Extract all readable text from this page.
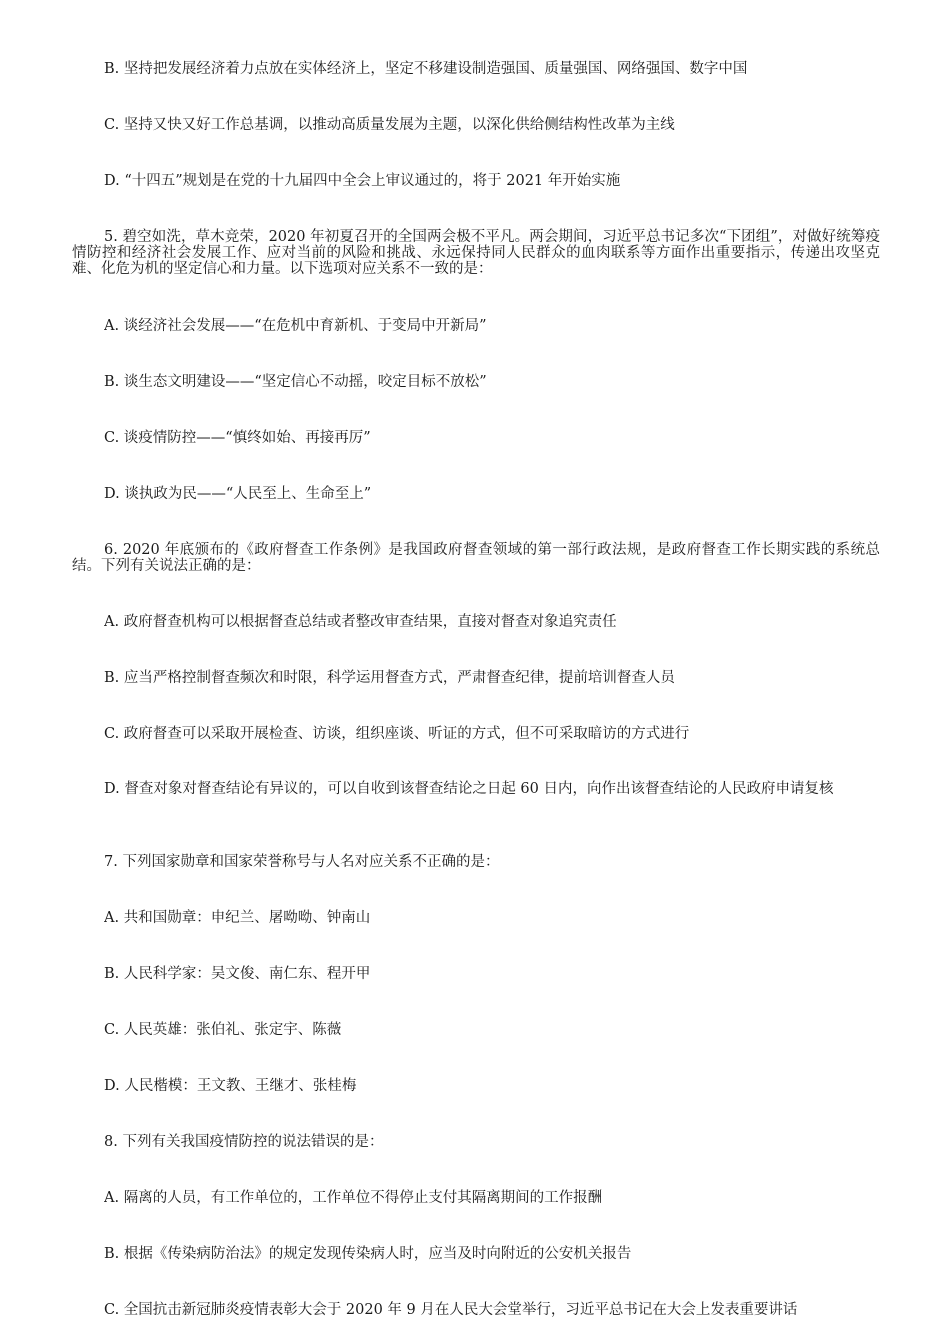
B. 坚持把发展经济着力点放在实体经济上，坚定不移建设制造强国、质量强国、网络强国、数字中国
C. 坚持又快又好工作总基调，以推动高质量发展为主题，以深化供给侧结构性改革为主线
D. “十四五”规划是在党的十九届四中全会上审议通过的，将于 2021 年开始实施
5. 碧空如洗，草木竞荣，2020 年初夏召开的全国两会极不平凡。两会期间，习近平总书记多次“下团组”，对做好统筹疫情防控和经济社会发展工作、应对当前的风险和挑战、永远保持同人民群众的血肉联系等方面作出重要指示，传递出攻坚克难、化危为机的坚定信心和力量。以下选项对应关系不一致的是：
A. 谈经济社会发展——“在危机中育新机、于变局中开新局”
B. 谈生态文明建设——“坚定信心不动摇，咬定目标不放松”
C. 谈疫情防控——“慎终如始、再接再厉”
D. 谈执政为民——“人民至上、生命至上”
6. 2020 年底颁布的《政府督查工作条例》是我国政府督查领域的第一部行政法规，是政府督查工作长期实践的系统总结。下列有关说法正确的是：
A. 政府督查机构可以根据督查总结或者整改审查结果，直接对督查对象追究责任
B. 应当严格控制督查频次和时限，科学运用督查方式，严肃督查纪律，提前培训督查人员
C. 政府督查可以采取开展检查、访谈，组织座谈、听证的方式，但不可采取暗访的方式进行
D. 督查对象对督查结论有异议的，可以自收到该督查结论之日起 60 日内，向作出该督查结论的人民政府申请复核
7. 下列国家勋章和国家荣誉称号与人名对应关系不正确的是：
A. 共和国勋章：申纪兰、屠呦呦、钟南山
B. 人民科学家：吴文俊、南仁东、程开甲
C. 人民英雄：张伯礼、张定宇、陈薇
D. 人民楷模：王文教、王继才、张桂梅
8. 下列有关我国疫情防控的说法错误的是：
A. 隔离的人员，有工作单位的，工作单位不得停止支付其隔离期间的工作报酬
B. 根据《传染病防治法》的规定发现传染病人时，应当及时向附近的公安机关报告
C. 全国抗击新冠肺炎疫情表彰大会于 2020 年 9 月在人民大会堂举行，习近平总书记在大会上发表重要讲话
